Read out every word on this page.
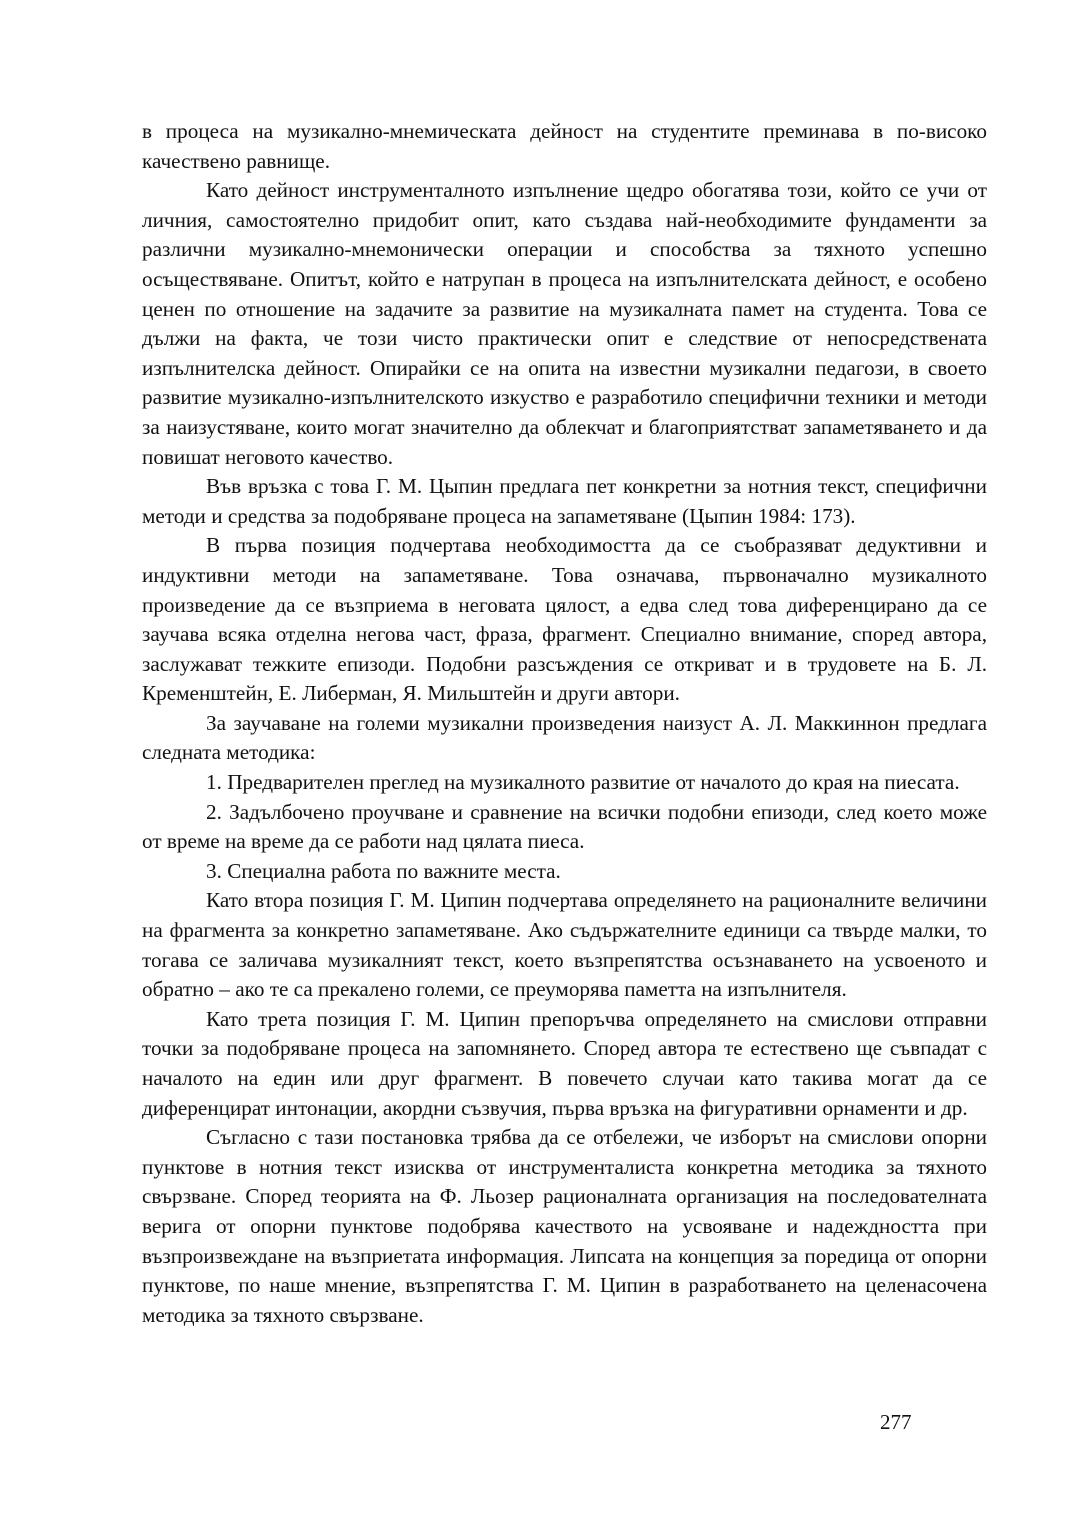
в процеса на музикално-мнемическата дейност на студентите преминава в по-високо качествено равнище.

Като дейност инструменталното изпълнение щедро обогатява този, който се учи от личния, самостоятелно придобит опит, като създава най-необходимите фундаменти за различни музикално-мнемонически операции и способства за тяхното успешно осъществяване. Опитът, който е натрупан в процеса на изпълнителската дейност, е особено ценен по отношение на задачите за развитие на музикалната памет на студента. Това се дължи на факта, че този чисто практически опит е следствие от непосредствената изпълнителска дейност. Опирайки се на опита на известни музикални педагози, в своето развитие музикално-изпълнителското изкуство е разработило специфични техники и методи за наизустяване, които могат значително да облекчат и благоприятстват запаметяването и да повишат неговото качество.

Във връзка с това Г. М. Цыпин предлага пет конкретни за нотния текст, специфични методи и средства за подобряване процеса на запаметяване (Цыпин 1984: 173).

В първа позиция подчертава необходимостта да се съобразяват дедуктивни и индуктивни методи на запаметяване. Това означава, първоначално музикалното произведение да се възприема в неговата цялост, а едва след това диференцирано да се заучава всяка отделна негова част, фраза, фрагмент. Специално внимание, според автора, заслужават тежките епизоди. Подобни разсъждения се откриват и в трудовете на Б. Л. Кременштейн, Е. Либерман, Я. Мильштейн и други автори.

За заучаване на големи музикални произведения наизуст А. Л. Маккиннон предлага следната методика:

1. Предварителен преглед на музикалното развитие от началото до края на пиесата.

2. Задълбочено проучване и сравнение на всички подобни епизоди, след което може от време на време да се работи над цялата пиеса.

3. Специална работа по важните места.

Като втора позиция Г. М. Ципин подчертава определянето на рационалните величини на фрагмента за конкретно запаметяване. Ако съдържателните единици са твърде малки, то тогава се заличава музикалният текст, което възпрепятства осъзнаването на усвоеното и обратно – ако те са прекалено големи, се преуморява паметта на изпълнителя.

Като трета позиция Г. М. Ципин препоръчва определянето на смислови отправни точки за подобряване процеса на запомнянето. Според автора те естествено ще съвпадат с началото на един или друг фрагмент. В повечето случаи като такива могат да се диференцират интонации, акордни съзвучия, първа връзка на фигуративни орнаменти и др.

Съгласно с тази постановка трябва да се отбележи, че изборът на смислови опорни пунктове в нотния текст изисква от инструменталиста конкретна методика за тяхното свързване. Според теорията на Ф. Льозер рационалната организация на последователната верига от опорни пунктове подобрява качеството на усвояване и надеждността при възпроизвеждане на възприетата информация. Липсата на концепция за поредица от опорни пунктове, по наше мнение, възпрепятства Г. М. Ципин в разработването на целенасочена методика за тяхното свързване.

277
